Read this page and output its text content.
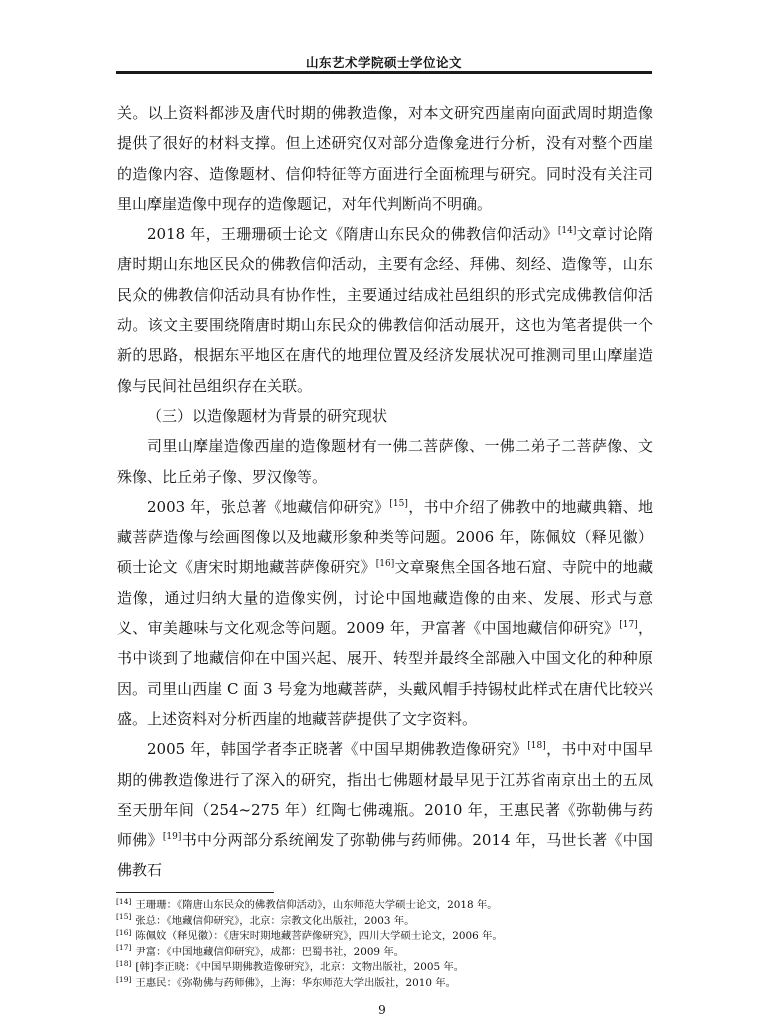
山东艺术学院硕士学位论文

关。以上资料都涉及唐代时期的佛教造像，对本文研究西崖南向面武周时期造像提供了很好的材料支撑。但上述研究仅对部分造像龛进行分析，没有对整个西崖的造像内容、造像题材、信仰特征等方面进行全面梳理与研究。同时没有关注司里山摩崖造像中现存的造像题记，对年代判断尚不明确。

2018 年，王珊珊硕士论文《隋唐山东民众的佛教信仰活动》[14]文章讨论隋唐时期山东地区民众的佛教信仰活动，主要有念经、拜佛、刻经、造像等，山东民众的佛教信仰活动具有协作性，主要通过结成社邑组织的形式完成佛教信仰活动。该文主要围绕隋唐时期山东民众的佛教信仰活动展开，这也为笔者提供一个新的思路，根据东平地区在唐代的地理位置及经济发展状况可推测司里山摩崖造像与民间社邑组织存在关联。

（三）以造像题材为背景的研究现状

司里山摩崖造像西崖的造像题材有一佛二菩萨像、一佛二弟子二菩萨像、文殊像、比丘弟子像、罗汉像等。

2003 年，张总著《地藏信仰研究》[15]，书中介绍了佛教中的地藏典籍、地藏菩萨造像与绘画图像以及地藏形象种类等问题。2006 年，陈佩妏（释见徽）硕士论文《唐宋时期地藏菩萨像研究》[16]文章聚焦全国各地石窟、寺院中的地藏造像，通过归纳大量的造像实例，讨论中国地藏造像的由来、发展、形式与意义、审美趣味与文化观念等问题。2009 年，尹富著《中国地藏信仰研究》[17]，书中谈到了地藏信仰在中国兴起、展开、转型并最终全部融入中国文化的种种原因。司里山西崖 C 面 3 号龛为地藏菩萨，头戴风帽手持锡杖此样式在唐代比较兴盛。上述资料对分析西崖的地藏菩萨提供了文字资料。

2005 年，韩国学者李正晓著《中国早期佛教造像研究》[18]，书中对中国早期的佛教造像进行了深入的研究，指出七佛题材最早见于江苏省南京出土的五凤至天册年间（254~275 年）红陶七佛魂瓶。2010 年，王惠民著《弥勒佛与药师佛》[19]书中分两部分系统阐发了弥勒佛与药师佛。2014 年，马世长著《中国佛教石

[14] 王珊珊：《隋唐山东民众的佛教信仰活动》，山东师范大学硕士论文，2018 年。
[15] 张总：《地藏信仰研究》，北京：宗教文化出版社，2003 年。
[16] 陈佩妏（释见徽）：《唐宋时期地藏菩萨像研究》，四川大学硕士论文，2006 年。
[17] 尹富：《中国地藏信仰研究》，成都：巴蜀书社，2009 年。
[18] [韩]李正晓：《中国早期佛教造像研究》，北京：文物出版社，2005 年。
[19] 王惠民：《弥勒佛与药师佛》，上海：华东师范大学出版社，2010 年。
9
